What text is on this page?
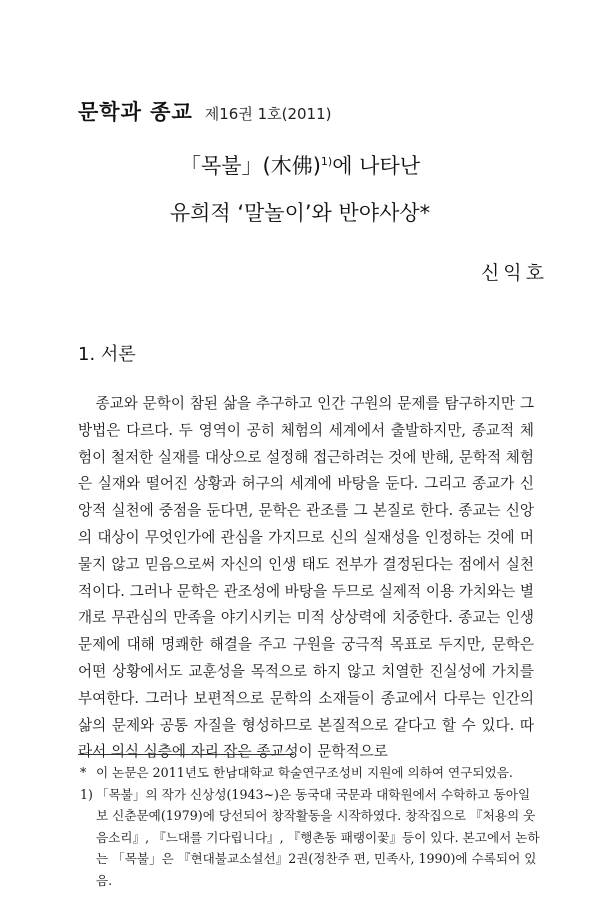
문학과 종교 제16권 1호(2011)
「목불」(木佛)$^{1)}$에 나타난
유희적 ‘말놀이’와 반야사상*
신익호
1. 서론

종교와 문학이 참된 삶을 추구하고 인간 구원의 문제를 탐구하지만 그 방법은 다르다. 두 영역이 공히 체험의 세계에서 출발하지만, 종교적 체험이 철저한 실재를 대상으로 설정해 접근하려는 것에 반해, 문학적 체험은 실재와 떨어진 상황과 허구의 세계에 바탕을 둔다. 그리고 종교가 신앙적 실천에 중점을 둔다면, 문학은 관조를 그 본질로 한다. 종교는 신앙의 대상이 무엇인가에 관심을 가지므로 신의 실재성을 인정하는 것에 머물지 않고 믿음으로써 자신의 인생 태도 전부가 결정된다는 점에서 실천적이다. 그러나 문학은 관조성에 바탕을 두므로 실제적 이용 가치와는 별개로 무관심의 만족을 야기시키는 미적 상상력에 치중한다. 종교는 인생 문제에 대해 명쾌한 해결을 주고 구원을 궁극적 목표로 두지만, 문학은 어떤 상황에서도 교훈성을 목적으로 하지 않고 치열한 진실성에 가치를 부여한다. 그러나 보편적으로 문학의 소재들이 종교에서 다루는 인간의 삶의 문제와 공통 자질을 형성하므로 본질적으로 같다고 할 수 있다. 따라서 의식 심층에 자리 잡은 종교성이 문학적으로

* 이 논문은 2011년도 한남대학교 학술연구조성비 지원에 의하여 연구되었음.
1) 「목불」의 작가 신상성(1943~)은 동국대 국문과 대학원에서 수학하고 동아일보 신춘문예(1979)에 당선되어 창작활동을 시작하였다. 창작집으로 『처용의 웃음소리』, 『느대를 기다립니다』, 『행촌동 패랭이꽃』등이 있다. 본고에서 논하는 「목불」은 『현대불교소설선』2권(정찬주 편, 민족사, 1990)에 수록되어 있음.
